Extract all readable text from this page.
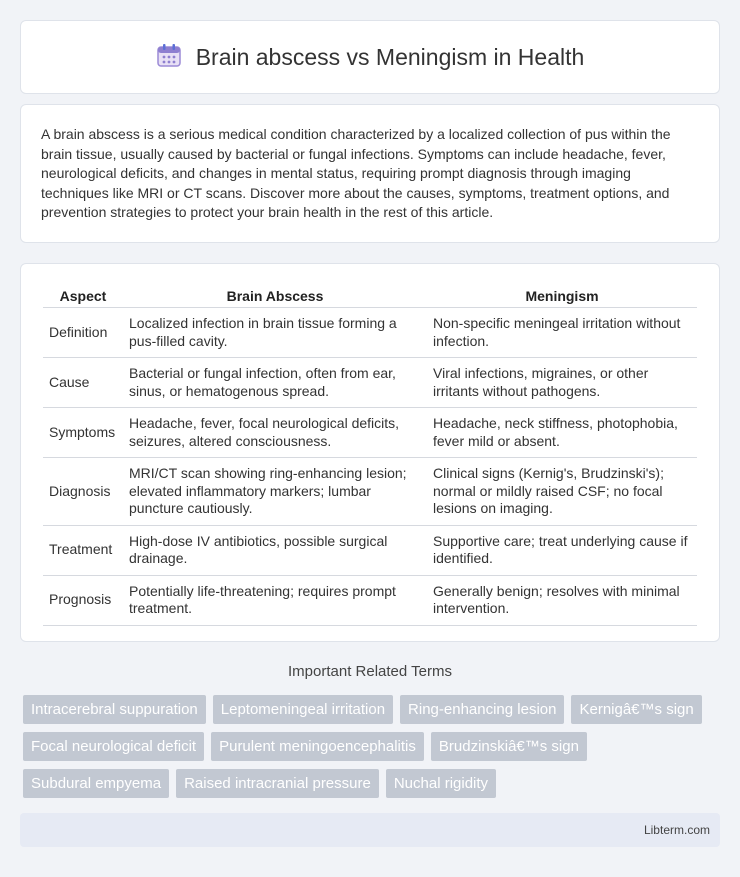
Brain abscess vs Meningism in Health

A brain abscess is a serious medical condition characterized by a localized collection of pus within the brain tissue, usually caused by bacterial or fungal infections. Symptoms can include headache, fever, neurological deficits, and changes in mental status, requiring prompt diagnosis through imaging techniques like MRI or CT scans. Discover more about the causes, symptoms, treatment options, and prevention strategies to protect your brain health in the rest of this article.

Aspect	Brain Abscess	Meningism
Definition	Localized infection in brain tissue forming a pus-filled cavity.	Non-specific meningeal irritation without infection.
Cause	Bacterial or fungal infection, often from ear, sinus, or hematogenous spread.	Viral infections, migraines, or other irritants without pathogens.
Symptoms	Headache, fever, focal neurological deficits, seizures, altered consciousness.	Headache, neck stiffness, photophobia, fever mild or absent.
Diagnosis	MRI/CT scan showing ring-enhancing lesion; elevated inflammatory markers; lumbar puncture cautiously.	Clinical signs (Kernig's, Brudzinski's); normal or mildly raised CSF; no focal lesions on imaging.
Treatment	High-dose IV antibiotics, possible surgical drainage.	Supportive care; treat underlying cause if identified.
Prognosis	Potentially life-threatening; requires prompt treatment.	Generally benign; resolves with minimal intervention.
Important Related Terms
Intracerebral suppuration	Leptomeningeal irritation	Ring-enhancing lesion	Kernigâ€™s sign
Focal neurological deficit	Purulent meningoencephalitis	Brudzinskiâ€™s sign
Subdural empyema	Raised intracranial pressure	Nuchal rigidity
Libterm.com
